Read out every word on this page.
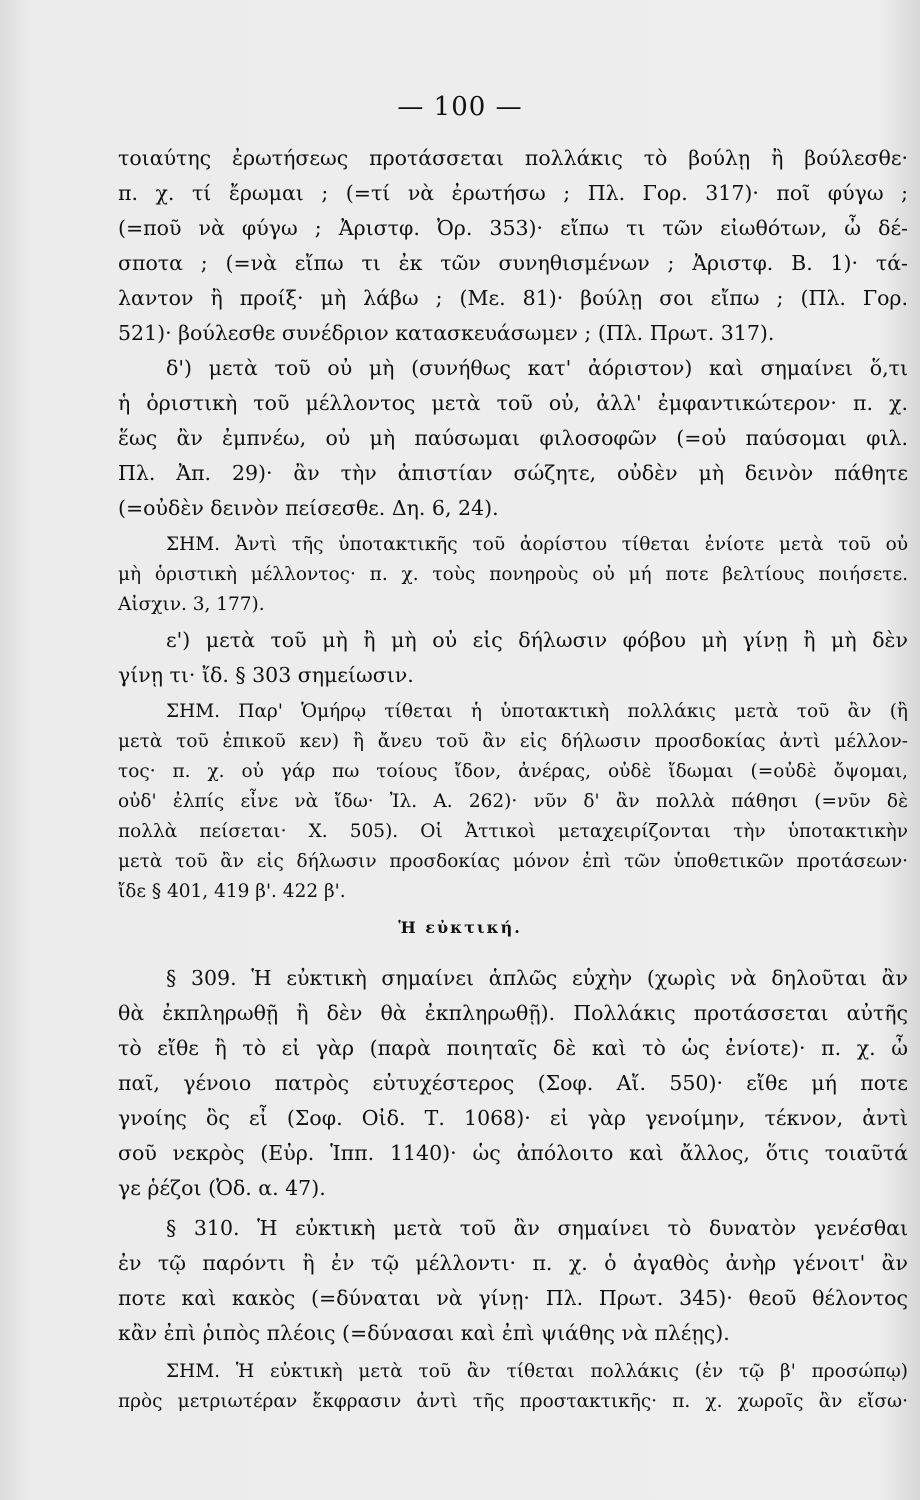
— 100 —
τοιαύτης ἐρωτήσεως προτάσσεται πολλάκις τὸ βούλῃ ἢ βούλεσθε·
π. χ. τί ἔρωμαι ; (=τί νὰ ἐρωτήσω ; Πλ. Γορ. 317)· ποῖ φύγω ;
(=ποῦ νὰ φύγω ; Ἀριστφ. Ὀρ. 353)· εἴπω τι τῶν εἰωθότων, ὦ δέ-
σποτα ; (=νὰ εἴπω τι ἐκ τῶν συνηθισμένων ; Ἀριστφ. Β. 1)· τά-
λαντον ἢ προίξ· μὴ λάβω ; (Με. 81)· βούλῃ σοι εἴπω ; (Πλ. Γορ.
521)· βούλεσθε συνέδριον κατασκευάσωμεν ; (Πλ. Πρωτ. 317).
δ') μετὰ τοῦ οὐ μὴ (συνήθως κατ' ἀόριστον) καὶ σημαίνει ὅ,τι
ἡ ὁριστικὴ τοῦ μέλλοντος μετὰ τοῦ οὐ, ἀλλ' ἐμφαντικώτερον· π. χ.
ἕως ἂν ἐμπνέω, οὐ μὴ παύσωμαι φιλοσοφῶν (=οὐ παύσομαι φιλ.
Πλ. Ἀπ. 29)· ἂν τὴν ἀπιστίαν σώζητε, οὐδὲν μὴ δεινὸν πάθητε
(=οὐδὲν δεινὸν πείσεσθε. Δη. 6, 24).
ΣΗΜ. Ἀντὶ τῆς ὑποτακτικῆς τοῦ ἀορίστου τίθεται ἐνίοτε μετὰ τοῦ οὐ
μὴ ὁριστικὴ μέλλοντος· π. χ. τοὺς πονηροὺς οὐ μή ποτε βελτίους ποιήσετε.
Αἰσχιν. 3, 177).
ε') μετὰ τοῦ μὴ ἢ μὴ οὐ εἰς δήλωσιν φόβου μὴ γίνῃ ἢ μὴ δὲν
γίνῃ τι· ἴδ. § 303 σημείωσιν.
ΣΗΜ. Παρ' Ὁμήρῳ τίθεται ἡ ὑποτακτικὴ πολλάκις μετὰ τοῦ ἂν (ἢ
μετὰ τοῦ ἐπικοῦ κεν) ἢ ἄνευ τοῦ ἂν εἰς δήλωσιν προσδοκίας ἀντὶ μέλλον-
τος· π. χ. οὐ γάρ πω τοίους ἴδον, ἀνέρας, οὐδὲ ἴδωμαι (=οὐδὲ ὄψομαι,
οὐδ' ἐλπίς εἶνε νὰ ἴδω· Ἰλ. Α. 262)· νῦν δ' ἂν πολλὰ πάθησι (=νῦν δὲ
πολλὰ πείσεται· Χ. 505). Οἱ Ἀττικοὶ μεταχειρίζονται τὴν ὑποτακτικὴν
μετὰ τοῦ ἂν εἰς δήλωσιν προσδοκίας μόνον ἐπὶ τῶν ὑποθετικῶν προτάσεων·
ἴδε § 401, 419 β'. 422 β'.
Ἡ εὐκτική.
§ 309. Ἡ εὐκτικὴ σημαίνει ἁπλῶς εὐχὴν (χωρὶς νὰ δηλοῦται ἂν
θὰ ἐκπληρωθῇ ἢ δὲν θὰ ἐκπληρωθῇ). Πολλάκις προτάσσεται αὐτῆς
τὸ εἴθε ἢ τὸ εἰ γὰρ (παρὰ ποιηταῖς δὲ καὶ τὸ ὡς ἐνίοτε)· π. χ. ὦ
παῖ, γένοιο πατρὸς εὐτυχέστερος (Σοφ. Αἴ. 550)· εἴθε μή ποτε
γνοίης ὃς εἶ (Σοφ. Οἰδ. Τ. 1068)· εἰ γὰρ γενοίμην, τέκνον, ἀντὶ
σοῦ νεκρὸς (Εὐρ. Ἱππ. 1140)· ὡς ἀπόλοιτο καὶ ἄλλος, ὅτις τοιαῦτά
γε ῥέζοι (Ὀδ. α. 47).
§ 310. Ἡ εὐκτικὴ μετὰ τοῦ ἂν σημαίνει τὸ δυνατὸν γενέσθαι
ἐν τῷ παρόντι ἢ ἐν τῷ μέλλοντι· π. χ. ὁ ἀγαθὸς ἀνὴρ γένοιτ' ἂν
ποτε καὶ κακὸς (=δύναται νὰ γίνῃ· Πλ. Πρωτ. 345)· θεοῦ θέλοντος
κἂν ἐπὶ ῥιπὸς πλέοις (=δύνασαι καὶ ἐπὶ ψιάθης νὰ πλέῃς).
ΣΗΜ. Ἡ εὐκτικὴ μετὰ τοῦ ἂν τίθεται πολλάκις (ἐν τῷ β' προσώπῳ)
πρὸς μετριωτέραν ἔκφρασιν ἀντὶ τῆς προστακτικῆς· π. χ. χωροῖς ἂν εἴσω·
